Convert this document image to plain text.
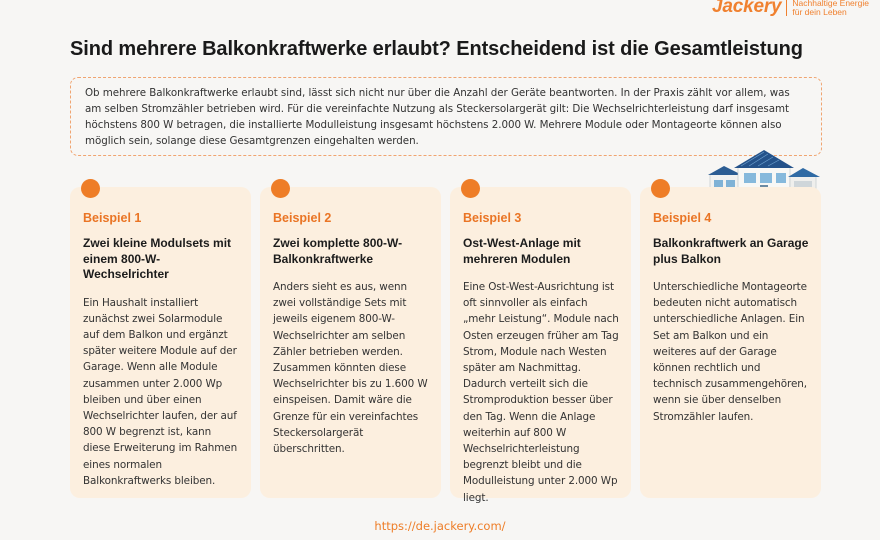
Jackery Nachhaltige Energie
für dein Leben
Sind mehrere Balkonkraftwerke erlaubt? Entscheidend ist die Gesamtleistung

Ob mehrere Balkonkraftwerke erlaubt sind, lässt sich nicht nur über die Anzahl der Geräte beantworten. In der Praxis zählt vor allem, was am selben Stromzähler betrieben wird. Für die vereinfachte Nutzung als Steckersolargerät gilt: Die Wechselrichterleistung darf insgesamt höchstens 800 W betragen, die installierte Modulleistung insgesamt höchstens 2.000 W. Mehrere Module oder Montageorte können also möglich sein, solange diese Gesamtgrenzen eingehalten werden.

Beispiel 1
Zwei kleine Modulsets mit einem 800-W-Wechselrichter
Ein Haushalt installiert zunächst zwei Solarmodule auf dem Balkon und ergänzt später weitere Module auf der Garage. Wenn alle Module zusammen unter 2.000 Wp bleiben und über einen Wechselrichter laufen, der auf 800 W begrenzt ist, kann diese Erweiterung im Rahmen eines normalen Balkonkraftwerks bleiben.
Beispiel 2
Zwei komplette 800-W-Balkonkraftwerke
Anders sieht es aus, wenn zwei vollständige Sets mit jeweils eigenem 800-W-Wechselrichter am selben Zähler betrieben werden. Zusammen könnten diese Wechselrichter bis zu 1.600 W einspeisen. Damit wäre die Grenze für ein vereinfachtes Steckersolargerät überschritten.
Beispiel 3
Ost-West-Anlage mit mehreren Modulen
Eine Ost-West-Ausrichtung ist oft sinnvoller als einfach „mehr Leistung“. Module nach Osten erzeugen früher am Tag Strom, Module nach Westen später am Nachmittag. Dadurch verteilt sich die Stromproduktion besser über den Tag. Wenn die Anlage weiterhin auf 800 W Wechselrichterleistung begrenzt bleibt und die Modulleistung unter 2.000 Wp liegt.
Beispiel 4
Balkonkraftwerk an Garage plus Balkon
Unterschiedliche Montageorte bedeuten nicht automatisch unterschiedliche Anlagen. Ein Set am Balkon und ein weiteres auf der Garage können rechtlich und technisch zusammengehören, wenn sie über denselben Stromzähler laufen.
https://de.jackery.com/
